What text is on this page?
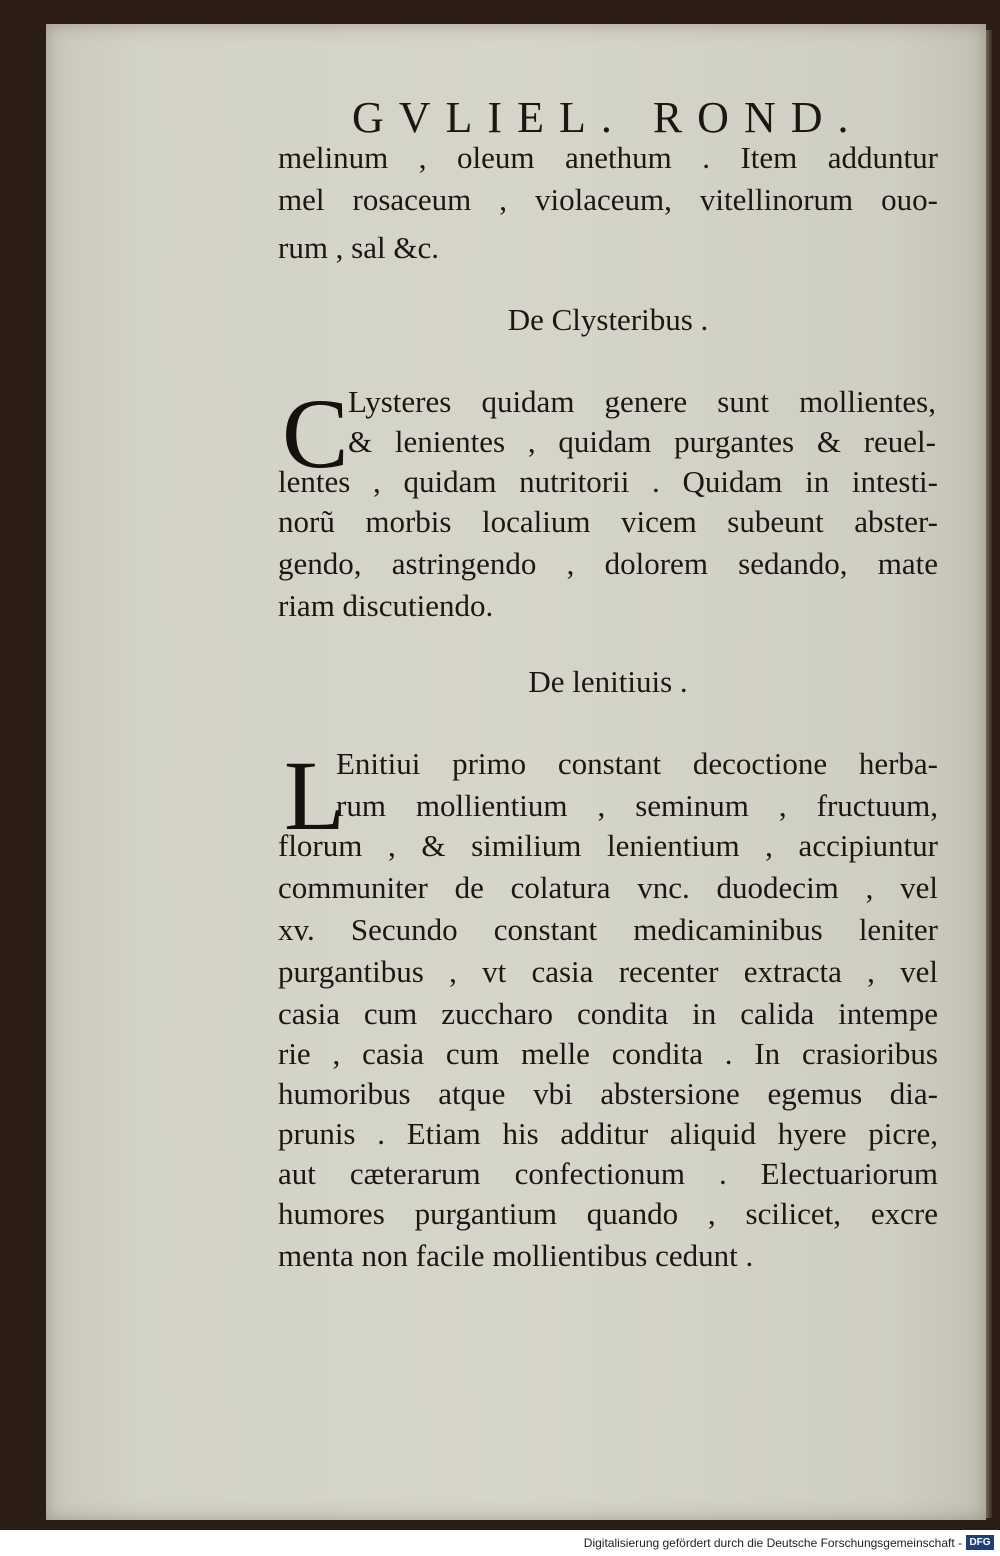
GVLIEL. ROND.
melinum , oleum anethum . Item adduntur
mel rosaceum , violaceum, vitellinorum ouo-
rum , sal &c.
De Clysteribus .
C Lysteres quidam genere sunt mollientes,
& lenientes , quidam purgantes & reuel-
lentes , quidam nutritorii . Quidam in intesti-
norũ morbis localium vicem subeunt abster-
gendo, astringendo , dolorem sedando, mate
riam discutiendo.
De lenitiuis .
L
Enitiui primo constant decoctione herba-
rum mollientium , seminum , fructuum,
florum , & similium lenientium , accipiuntur
communiter de colatura vnc. duodecim , vel
xv. Secundo constant medicaminibus leniter
purgantibus , vt casia recenter extracta , vel
casia cum zuccharo condita in calida intempe
rie , casia cum melle condita . In crasioribus
humoribus atque vbi abstersione egemus dia-
prunis . Etiam his additur aliquid hyere picre,
aut cæterarum confectionum . Electuariorum
humores purgantium quando , scilicet, excre
menta non facile mollientibus cedunt .
Digitalisierung gefördert durch die Deutsche Forschungsgemeinschaft - DFG
